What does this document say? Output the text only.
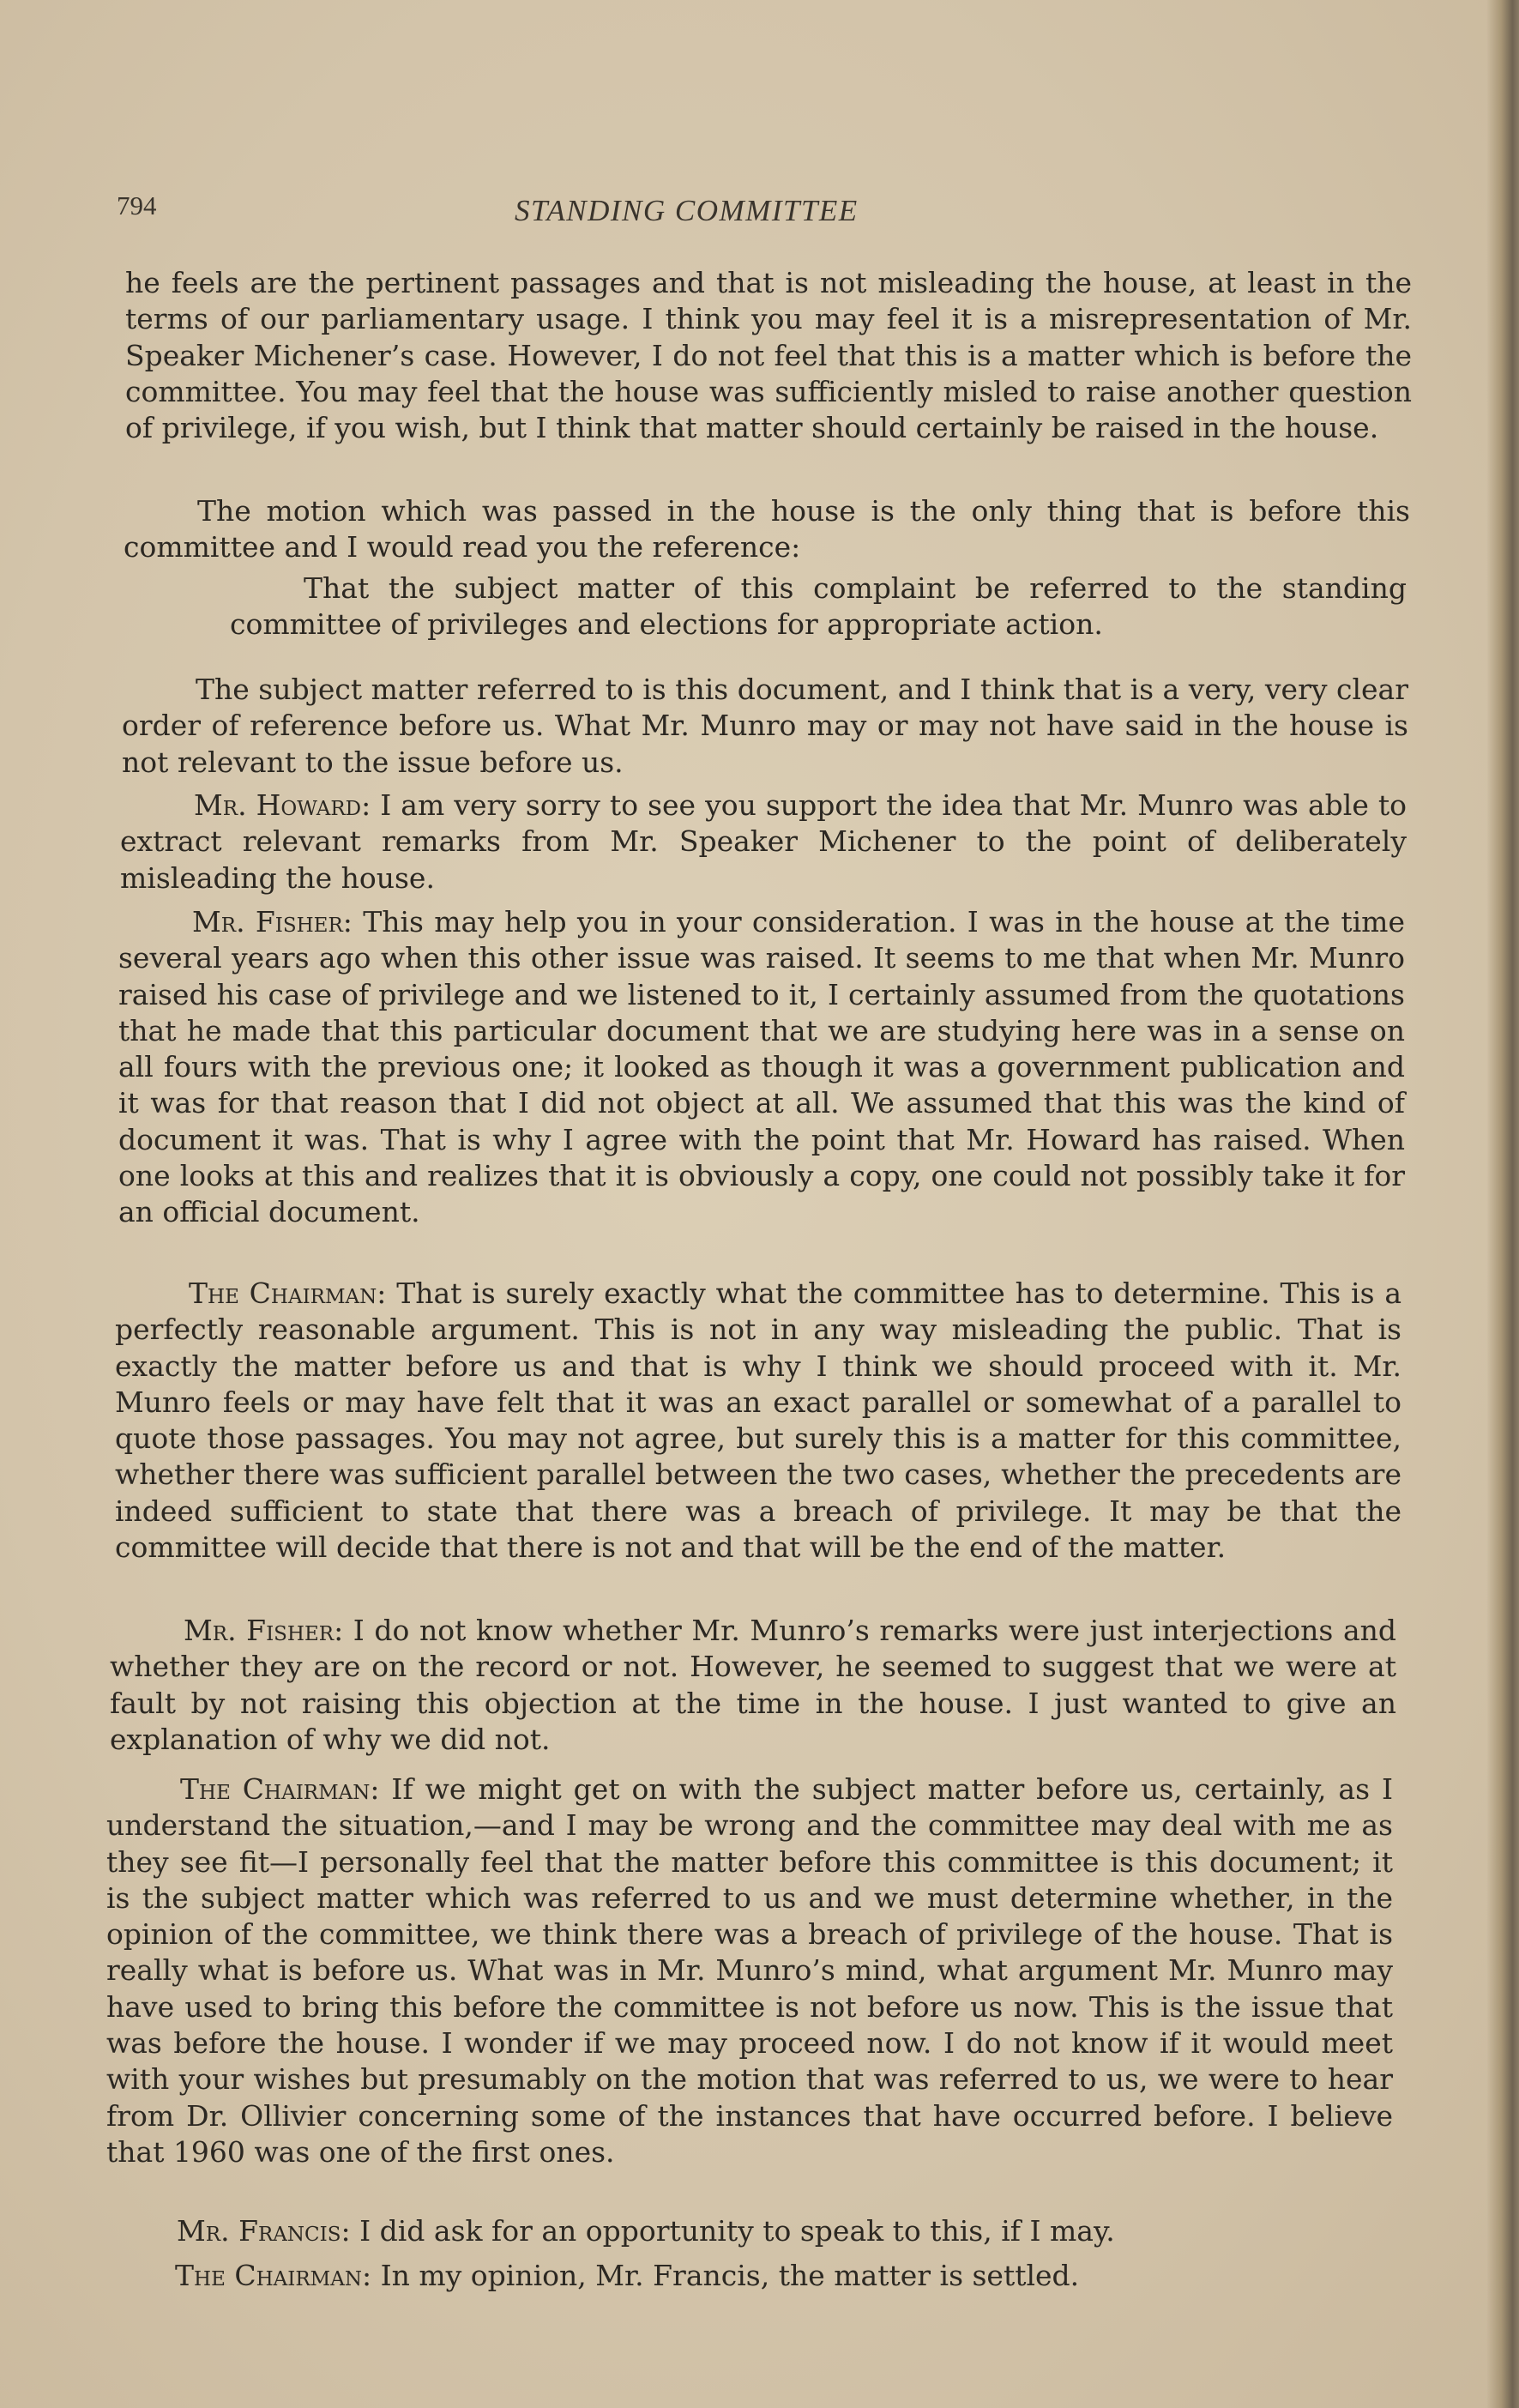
794	STANDING COMMITTEE

he feels are the pertinent passages and that is not misleading the house, at least in the terms of our parliamentary usage. I think you may feel it is a misrepresentation of Mr. Speaker Michener’s case. However, I do not feel that this is a matter which is before the committee. You may feel that the house was sufficiently misled to raise another question of privilege, if you wish, but I think that matter should certainly be raised in the house.

The motion which was passed in the house is the only thing that is before this committee and I would read you the reference:

That the subject matter of this complaint be referred to the standing committee of privileges and elections for appropriate action.

The subject matter referred to is this document, and I think that is a very, very clear order of reference before us. What Mr. Munro may or may not have said in the house is not relevant to the issue before us.

Mr. Howard: I am very sorry to see you support the idea that Mr. Munro was able to extract relevant remarks from Mr. Speaker Michener to the point of deliberately misleading the house.

Mr. Fisher: This may help you in your consideration. I was in the house at the time several years ago when this other issue was raised. It seems to me that when Mr. Munro raised his case of privilege and we listened to it, I certainly assumed from the quotations that he made that this particular document that we are studying here was in a sense on all fours with the previous one; it looked as though it was a government publication and it was for that reason that I did not object at all. We assumed that this was the kind of document it was. That is why I agree with the point that Mr. Howard has raised. When one looks at this and realizes that it is obviously a copy, one could not possibly take it for an official document.

The Chairman: That is surely exactly what the committee has to determine. This is a perfectly reasonable argument. This is not in any way misleading the public. That is exactly the matter before us and that is why I think we should proceed with it. Mr. Munro feels or may have felt that it was an exact parallel or somewhat of a parallel to quote those passages. You may not agree, but surely this is a matter for this committee, whether there was sufficient parallel between the two cases, whether the precedents are indeed sufficient to state that there was a breach of privilege. It may be that the committee will decide that there is not and that will be the end of the matter.

Mr. Fisher: I do not know whether Mr. Munro’s remarks were just interjections and whether they are on the record or not. However, he seemed to suggest that we were at fault by not raising this objection at the time in the house. I just wanted to give an explanation of why we did not.

The Chairman: If we might get on with the subject matter before us, certainly, as I understand the situation,—and I may be wrong and the committee may deal with me as they see fit—I personally feel that the matter before this committee is this document; it is the subject matter which was referred to us and we must determine whether, in the opinion of the committee, we think there was a breach of privilege of the house. That is really what is before us. What was in Mr. Munro’s mind, what argument Mr. Munro may have used to bring this before the committee is not before us now. This is the issue that was before the house. I wonder if we may proceed now. I do not know if it would meet with your wishes but presumably on the motion that was referred to us, we were to hear from Dr. Ollivier concerning some of the instances that have occurred before. I believe that 1960 was one of the first ones.

Mr. Francis: I did ask for an opportunity to speak to this, if I may.

The Chairman: In my opinion, Mr. Francis, the matter is settled.
